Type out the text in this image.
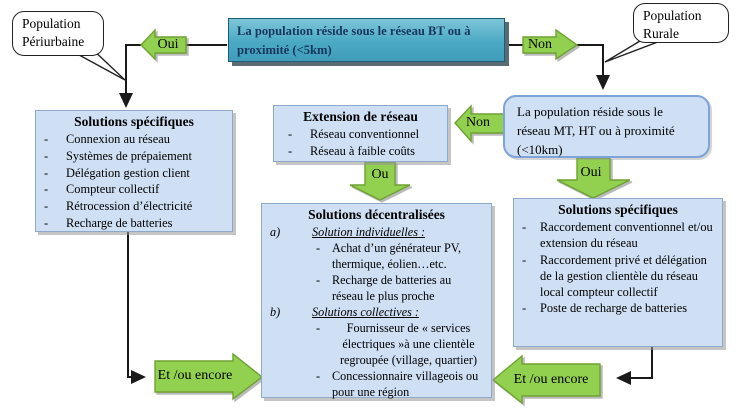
Population Périurbaine
Population Rurale
La population réside sous le réseau BT ou à proximité (<5km)
Solutions spécifiques
-	Connexion au réseau
-	Systèmes de prépaiement
-	Délégation gestion client
-	Compteur collectif
-	Rétrocession d’électricité
-	Recharge de batteries
Extension de réseau
-	Réseau conventionnel
-	Réseau à faible coûts
La population réside sous le réseau MT, HT ou à proximité (<10km)
Solutions décentralisées
a)	Solution individuelles :
- Achat d’un générateur PV, thermique, éolien…etc.
- Recharge de batteries au réseau le plus proche
b)	Solutions collectives :
-	Fournisseur de « services électriques »à une clientèle regroupée (village, quartier)
- Concessionnaire villageois ou pour une région
Solutions spécifiques
-	Raccordement conventionnel et/ou extension du réseau
-	Raccordement privé et délégation de la gestion clientèle du réseau local compteur collectif
-	Poste de recharge de batteries
Oui	Non
Non
Ou	Oui
Et /ou encore	Et /ou encore
